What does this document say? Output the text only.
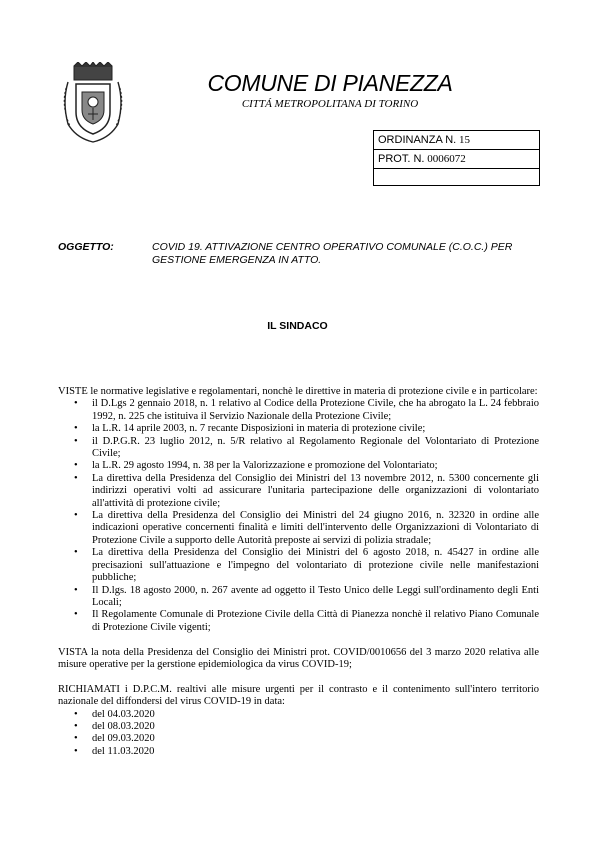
COMUNE DI PIANEZZA
CITTÁ METROPOLITANA DI TORINO
ORDINANZA N. 15
PROT. N. 0006072
OGGETTO:	COVID 19. ATTIVAZIONE CENTRO OPERATIVO COMUNALE (C.O.C.) PER GESTIONE EMERGENZA IN ATTO.
IL SINDACO

VISTE le normative legislative e regolamentari, nonchè le direttive in materia di protezione civile e in particolare:

• il D.Lgs 2 gennaio 2018, n. 1 relativo al Codice della Protezione Civile, che ha abrogato la L. 24 febbraio 1992, n. 225 che istituiva il Servizio Nazionale della Protezione Civile;
• la L.R. 14 aprile 2003, n. 7 recante Disposizioni in materia di protezione civile;
• il D.P.G.R. 23 luglio 2012, n. 5/R relativo al Regolamento Regionale del Volontariato di Protezione Civile;
• la L.R. 29 agosto 1994, n. 38 per la Valorizzazione e promozione del Volontariato;
• La direttiva della Presidenza del Consiglio dei Ministri del 13 novembre 2012, n. 5300 concernente gli indirizzi operativi volti ad assicurare l'unitaria partecipazione delle organizzazioni di volontariato all'attività di protezione civile;
• La direttiva della Presidenza del Consiglio dei Ministri del 24 giugno 2016, n. 32320 in ordine alle indicazioni operative concernenti finalità e limiti dell'intervento delle Organizzazioni di Volontariato di Protezione Civile a supporto delle Autorità preposte ai servizi di polizia stradale;
• La direttiva della Presidenza del Consiglio dei Ministri del 6 agosto 2018, n. 45427 in ordine alle precisazioni sull'attuazione e l'impegno del volontariato di protezione civile nelle manifestazioni pubbliche;
• Il D.lgs. 18 agosto 2000, n. 267 avente ad oggetto il Testo Unico delle Leggi sull'ordinamento degli Enti Locali;
• Il Regolamente Comunale di Protezione Civile della Città di Pianezza nonchè il relativo Piano Comunale di Protezione Civile vigenti;

VISTA la nota della Presidenza del Consiglio dei Ministri prot. COVID/0010656 del 3 marzo 2020 relativa alle misure operative per la gerstione epidemiologica da virus COVID-19;

RICHIAMATI i D.P.C.M. realtivi alle misure urgenti per il contrasto e il contenimento sull'intero territorio nazionale del diffondersi del virus COVID-19 in data:

• del 04.03.2020
• del 08.03.2020
• del 09.03.2020
• del 11.03.2020
